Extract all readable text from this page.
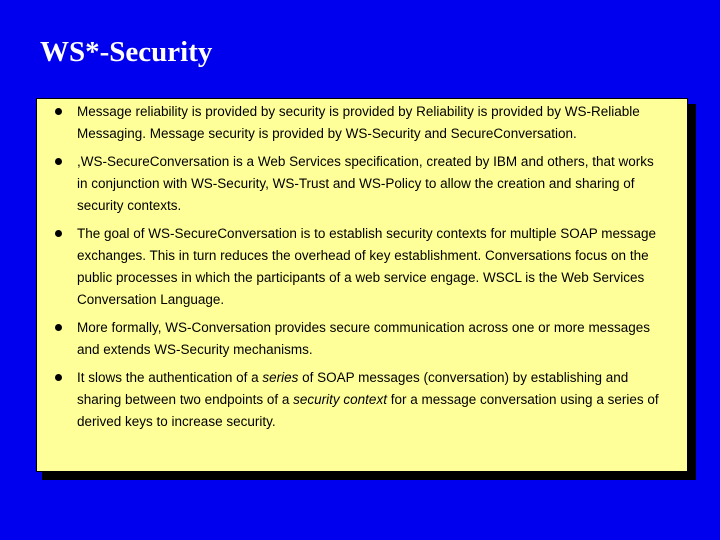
WS*-Security
Message reliability is provided by security is provided by Reliability is provided by WS-Reliable​Messaging. Message security is provided by WS-Security and Secure​Conversation.
,WS-Secure​Conversation is a Web Services specification, created by IBM and others, that works in conjunction with WS-Security, WS-Trust and WS-Policy to allow the creation and sharing of security contexts.
The goal of WS-Secure​Conversation is to establish security contexts for multiple SOAP message exchanges. This in turn reduces the overhead of key establishment. Conversations focus on the public processes in which the participants of a web service engage. WSCL is the Web Services Conversation Language.
More formally, WS-Conversation provides secure communication across one or more messages and extends WS-Security mechanisms.
It slows the authentication of a series of SOAP messages (conversation) by establishing and sharing between two endpoints of a security context for a message conversation using a series of derived keys to increase security.
